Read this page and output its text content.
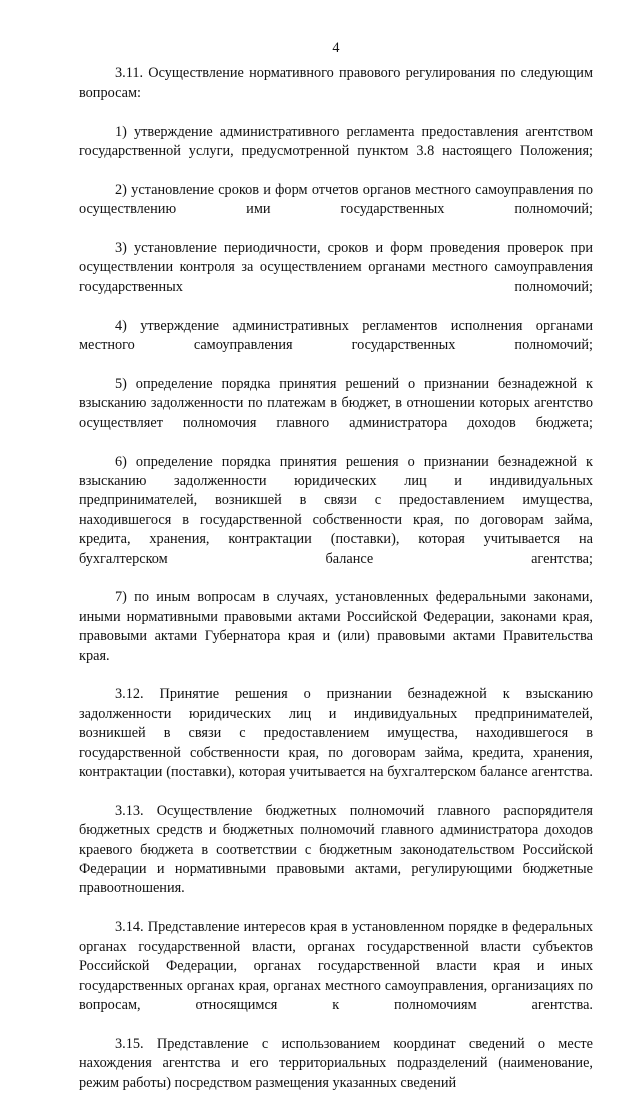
4

3.11. Осуществление нормативного правового регулирования по следующим вопросам:

1) утверждение административного регламента предоставления агентством государственной услуги, предусмотренной пунктом 3.8 настоящего Положения;

2) установление сроков и форм отчетов органов местного самоуправления по осуществлению ими государственных полномочий;

3) установление периодичности, сроков и форм проведения проверок при осуществлении контроля за осуществлением органами местного самоуправления государственных полномочий;

4) утверждение административных регламентов исполнения органами местного самоуправления государственных полномочий;

5) определение порядка принятия решений о признании безнадежной к взысканию задолженности по платежам в бюджет, в отношении которых агентство осуществляет полномочия главного администратора доходов бюджета;

6) определение порядка принятия решения о признании безнадежной к взысканию задолженности юридических лиц и индивидуальных предпринимателей, возникшей в связи с предоставлением имущества, находившегося в государственной собственности края, по договорам займа, кредита, хранения, контрактации (поставки), которая учитывается на бухгалтерском балансе агентства;

7) по иным вопросам в случаях, установленных федеральными законами, иными нормативными правовыми актами Российской Федерации, законами края, правовыми актами Губернатора края и (или) правовыми актами Правительства края.

3.12. Принятие решения о признании безнадежной к взысканию задолженности юридических лиц и индивидуальных предпринимателей, возникшей в связи с предоставлением имущества, находившегося в государственной собственности края, по договорам займа, кредита, хранения, контрактации (поставки), которая учитывается на бухгалтерском балансе агентства.

3.13. Осуществление бюджетных полномочий главного распорядителя бюджетных средств и бюджетных полномочий главного администратора доходов краевого бюджета в соответствии с бюджетным законодательством Российской Федерации и нормативными правовыми актами, регулирующими бюджетные правоотношения.

3.14. Представление интересов края в установленном порядке в федеральных органах государственной власти, органах государственной власти субъектов Российской Федерации, органах государственной власти края и иных государственных органах края, органах местного самоуправления, организациях по вопросам, относящимся к полномочиям агентства.

3.15. Представление с использованием координат сведений о месте нахождения агентства и его территориальных подразделений (наименование, режим работы) посредством размещения указанных сведений
